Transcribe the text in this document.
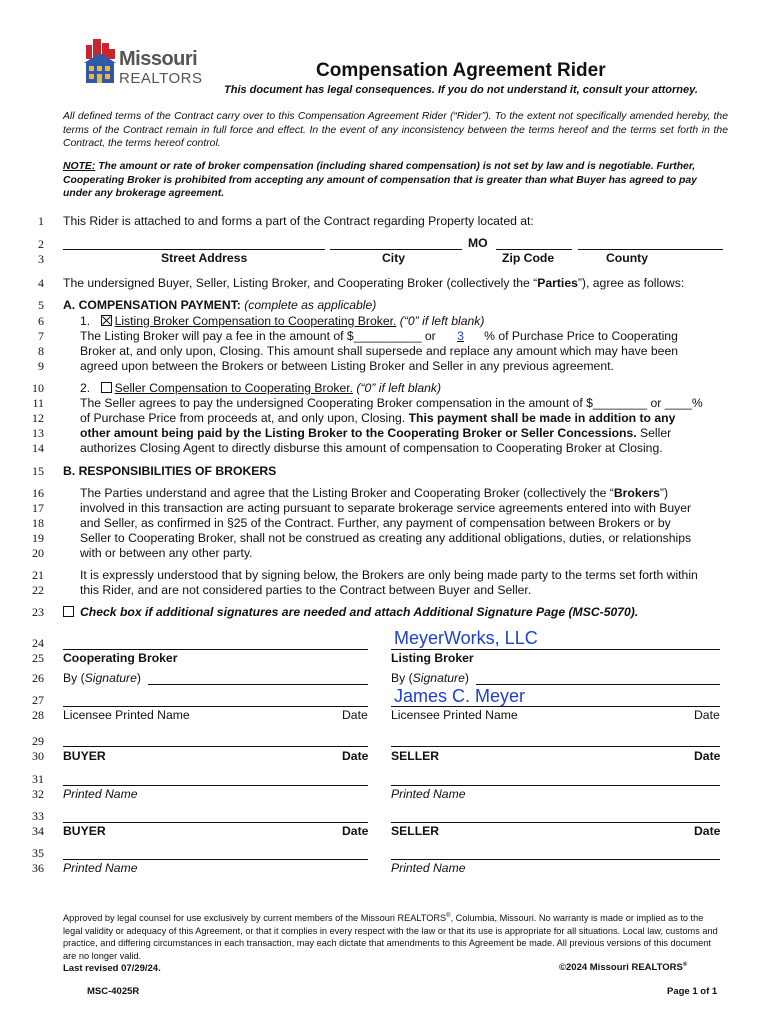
Missouri
REALTORS	Compensation Agreement Rider
This document has legal consequences. If you do not understand it, consult your attorney.
All defined terms of the Contract carry over to this Compensation Agreement Rider (“Rider”). To the extent not specifically amended hereby, the terms of the Contract remain in full force and effect. In the event of any inconsistency between the terms hereof and the terms set forth in the Contract, the terms hereof control.
NOTE: The amount or rate of broker compensation (including shared compensation) is not set by law and is negotiable. Further, Cooperating Broker is prohibited from accepting any amount of compensation that is greater than what Buyer has agreed to pay under any brokerage agreement.
1
2
3
4
5
6
7
8
9
10
11
12
13
14
15
16
17
18
19
20
21
22
23
24
25
26
27
28
29
30
31
32
33
34
35
36
This Rider is attached to and forms a part of the Contract regarding Property located at:
MO
Street Address	City	Zip Code	County
The undersigned Buyer, Seller, Listing Broker, and Cooperating Broker (collectively the “Parties”), agree as follows:
A. COMPENSATION PAYMENT: (complete as applicable)
1. Listing Broker Compensation to Cooperating Broker. (“0” if left blank)
The Listing Broker will pay a fee in the amount of $__________ or 3 % of Purchase Price to Cooperating
Broker at, and only upon, Closing. This amount shall supersede and replace any amount which may have been
agreed upon between the Brokers or between Listing Broker and Seller in any previous agreement.
2. Seller Compensation to Cooperating Broker. (“0” if left blank)
The Seller agrees to pay the undersigned Cooperating Broker compensation in the amount of $________ or ____%
of Purchase Price from proceeds at, and only upon, Closing. This payment shall be made in addition to any
other amount being paid by the Listing Broker to the Cooperating Broker or Seller Concessions. Seller
authorizes Closing Agent to directly disburse this amount of compensation to Cooperating Broker at Closing.
B. RESPONSIBILITIES OF BROKERS
The Parties understand and agree that the Listing Broker and Cooperating Broker (collectively the “Brokers”)
involved in this transaction are acting pursuant to separate brokerage service agreements entered into with Buyer
and Seller, as confirmed in §25 of the Contract. Further, any payment of compensation between Brokers or by
Seller to Cooperating Broker, shall not be construed as creating any additional obligations, duties, or relationships
with or between any other party.
It is expressly understood that by signing below, the Brokers are only being made party to the terms set forth within
this Rider, and are not considered parties to the Contract between Buyer and Seller.
Check box if additional signatures are needed and attach Additional Signature Page (MSC-5070).
MeyerWorks, LLC
Cooperating Broker	Listing Broker
By (Signature)	By (Signature)
James C. Meyer
Licensee Printed Name	Date Licensee Printed Name	Date
BUYER	Date SELLER	Date
Printed Name	Printed Name
BUYER	Date SELLER	Date
Printed Name	Printed Name
Approved by legal counsel for use exclusively by current members of the Missouri REALTORS®, Columbia, Missouri. No warranty is made or implied as to the legal validity or adequacy of this Agreement, or that it complies in every respect with the law or that its use is appropriate for all situations. Local law, customs and practice, and differing circumstances in each transaction, may each dictate that amendments to this Agreement be made. All previous versions of this document are no longer valid.
Last revised 07/29/24.	©2024 Missouri REALTORS®
MSC-4025R	Page 1 of 1
